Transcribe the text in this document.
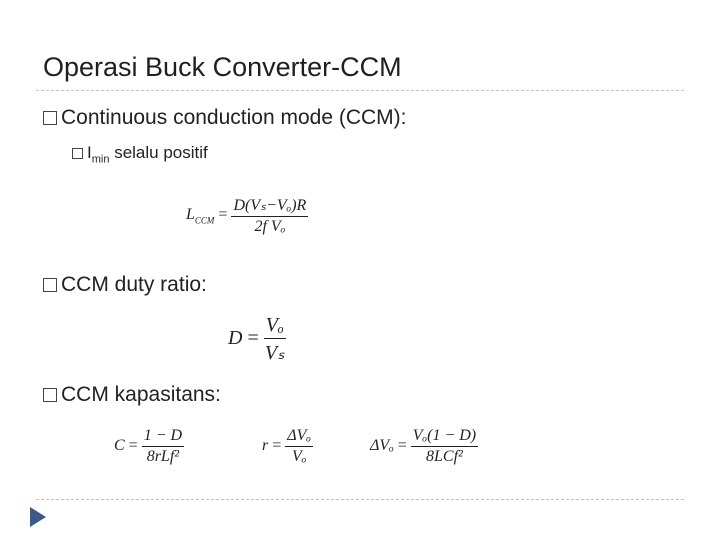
Operasi Buck Converter-CCM
Continuous conduction mode (CCM):
$I_{min}$ selalu positif
$L_{CCM} = \frac{\text{D(Vₛ−Vₒ)R}}{\text{2f Vₒ}}$
CCM duty ratio:
$D = \frac{\text{Vₒ}}{\text{Vₛ}}$
CCM kapasitans:
$C = \frac{1 - D}{\text{8rLf²}}$	$r = \frac{\text{ΔVₒ}}{\text{Vₒ}}$	$\Delta V_o = \frac{\text{Vₒ(1 − D)}}{\text{8LCf²}}$
